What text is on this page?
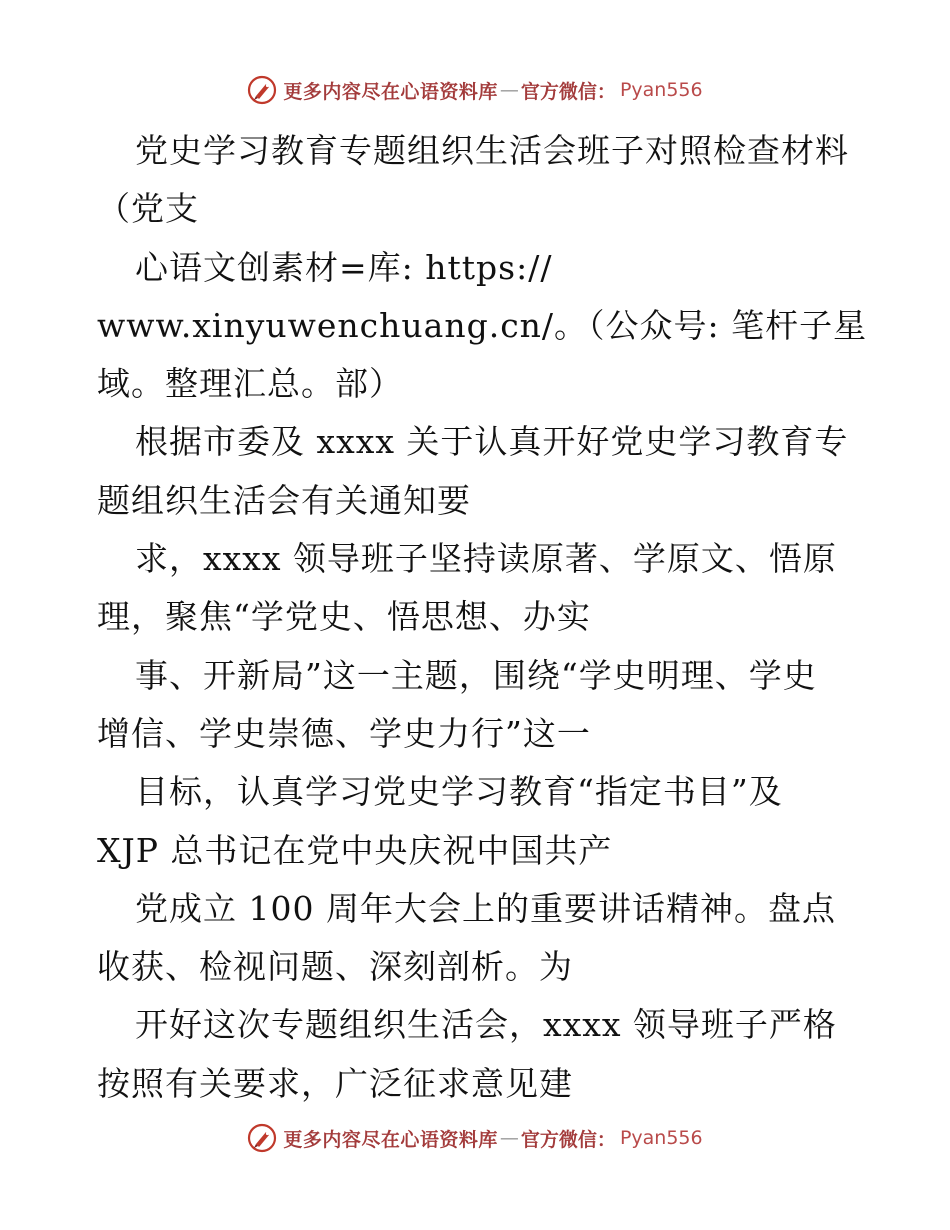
更多内容尽在心语资料库 — 官方微信： Pyan556
党史学习教育专题组织生活会班子对照检查材料
（党支
心语文创素材=库: https://
www.xinyuwenchuang.cn/。（公众号: 笔杆子星
域。整理汇总。部）
根据市委及 xxxx 关于认真开好党史学习教育专
题组织生活会有关通知要
求，xxxx 领导班子坚持读原著、学原文、悟原
理，聚焦“学党史、悟思想、办实
事、开新局”这一主题，围绕“学史明理、学史
增信、学史崇德、学史力行”这一
目标，认真学习党史学习教育“指定书目”及
XJP 总书记在党中央庆祝中国共产
党成立 100 周年大会上的重要讲话精神。盘点
收获、检视问题、深刻剖析。为
开好这次专题组织生活会，xxxx 领导班子严格
按照有关要求，广泛征求意见建
更多内容尽在心语资料库 — 官方微信： Pyan556
